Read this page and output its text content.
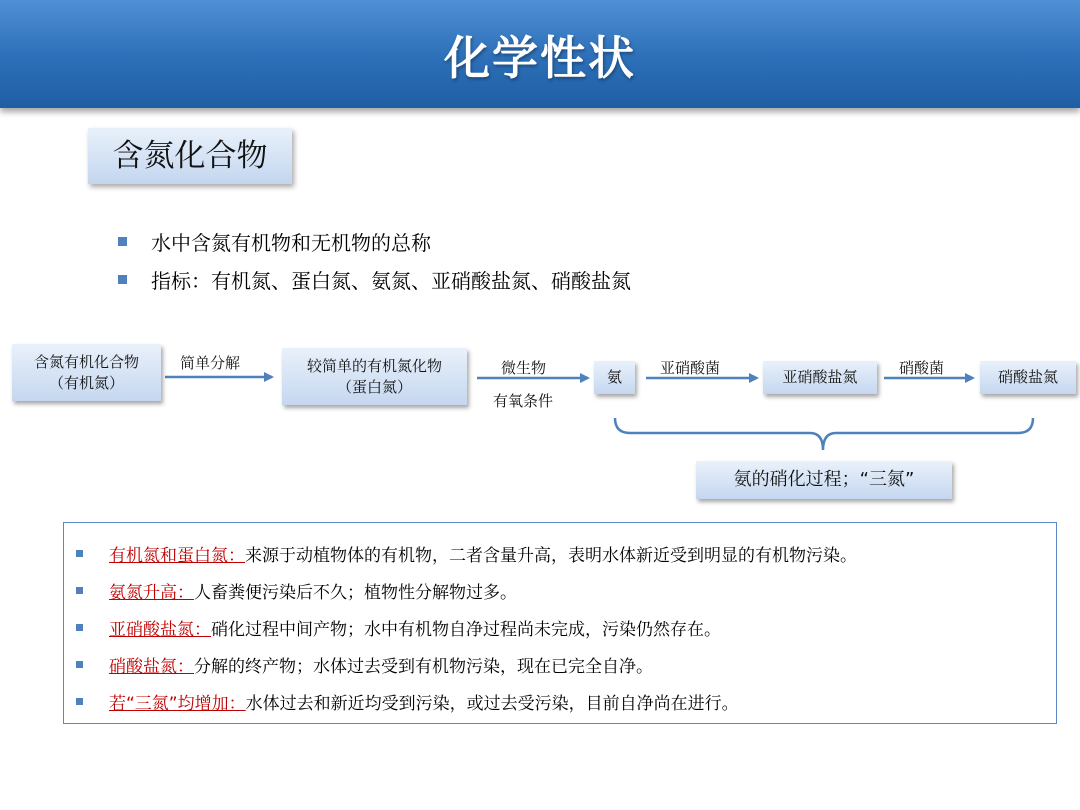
化学性状
含氮化合物
水中含氮有机物和无机物的总称
指标：有机氮、蛋白氮、氨氮、亚硝酸盐氮、硝酸盐氮
含氮有机化合物
（有机氮）
较简单的有机氮化物
（蛋白氮）
氨	亚硝酸盐氮	硝酸盐氮
简单分解	微生物
有氧条件
亚硝酸菌	硝酸菌
氨的硝化过程；“三氮”
有机氮和蛋白氮： 来源于动植物体的有机物，二者含量升高，表明水体新近受到明显的有机物污染。
氨氮升高： 人畜粪便污染后不久；植物性分解物过多。
亚硝酸盐氮： 硝化过程中间产物；水中有机物自净过程尚未完成，污染仍然存在。
硝酸盐氮： 分解的终产物；水体过去受到有机物污染，现在已完全自净。
若“三氮”均增加： 水体过去和新近均受到污染，或过去受污染，目前自净尚在进行。
